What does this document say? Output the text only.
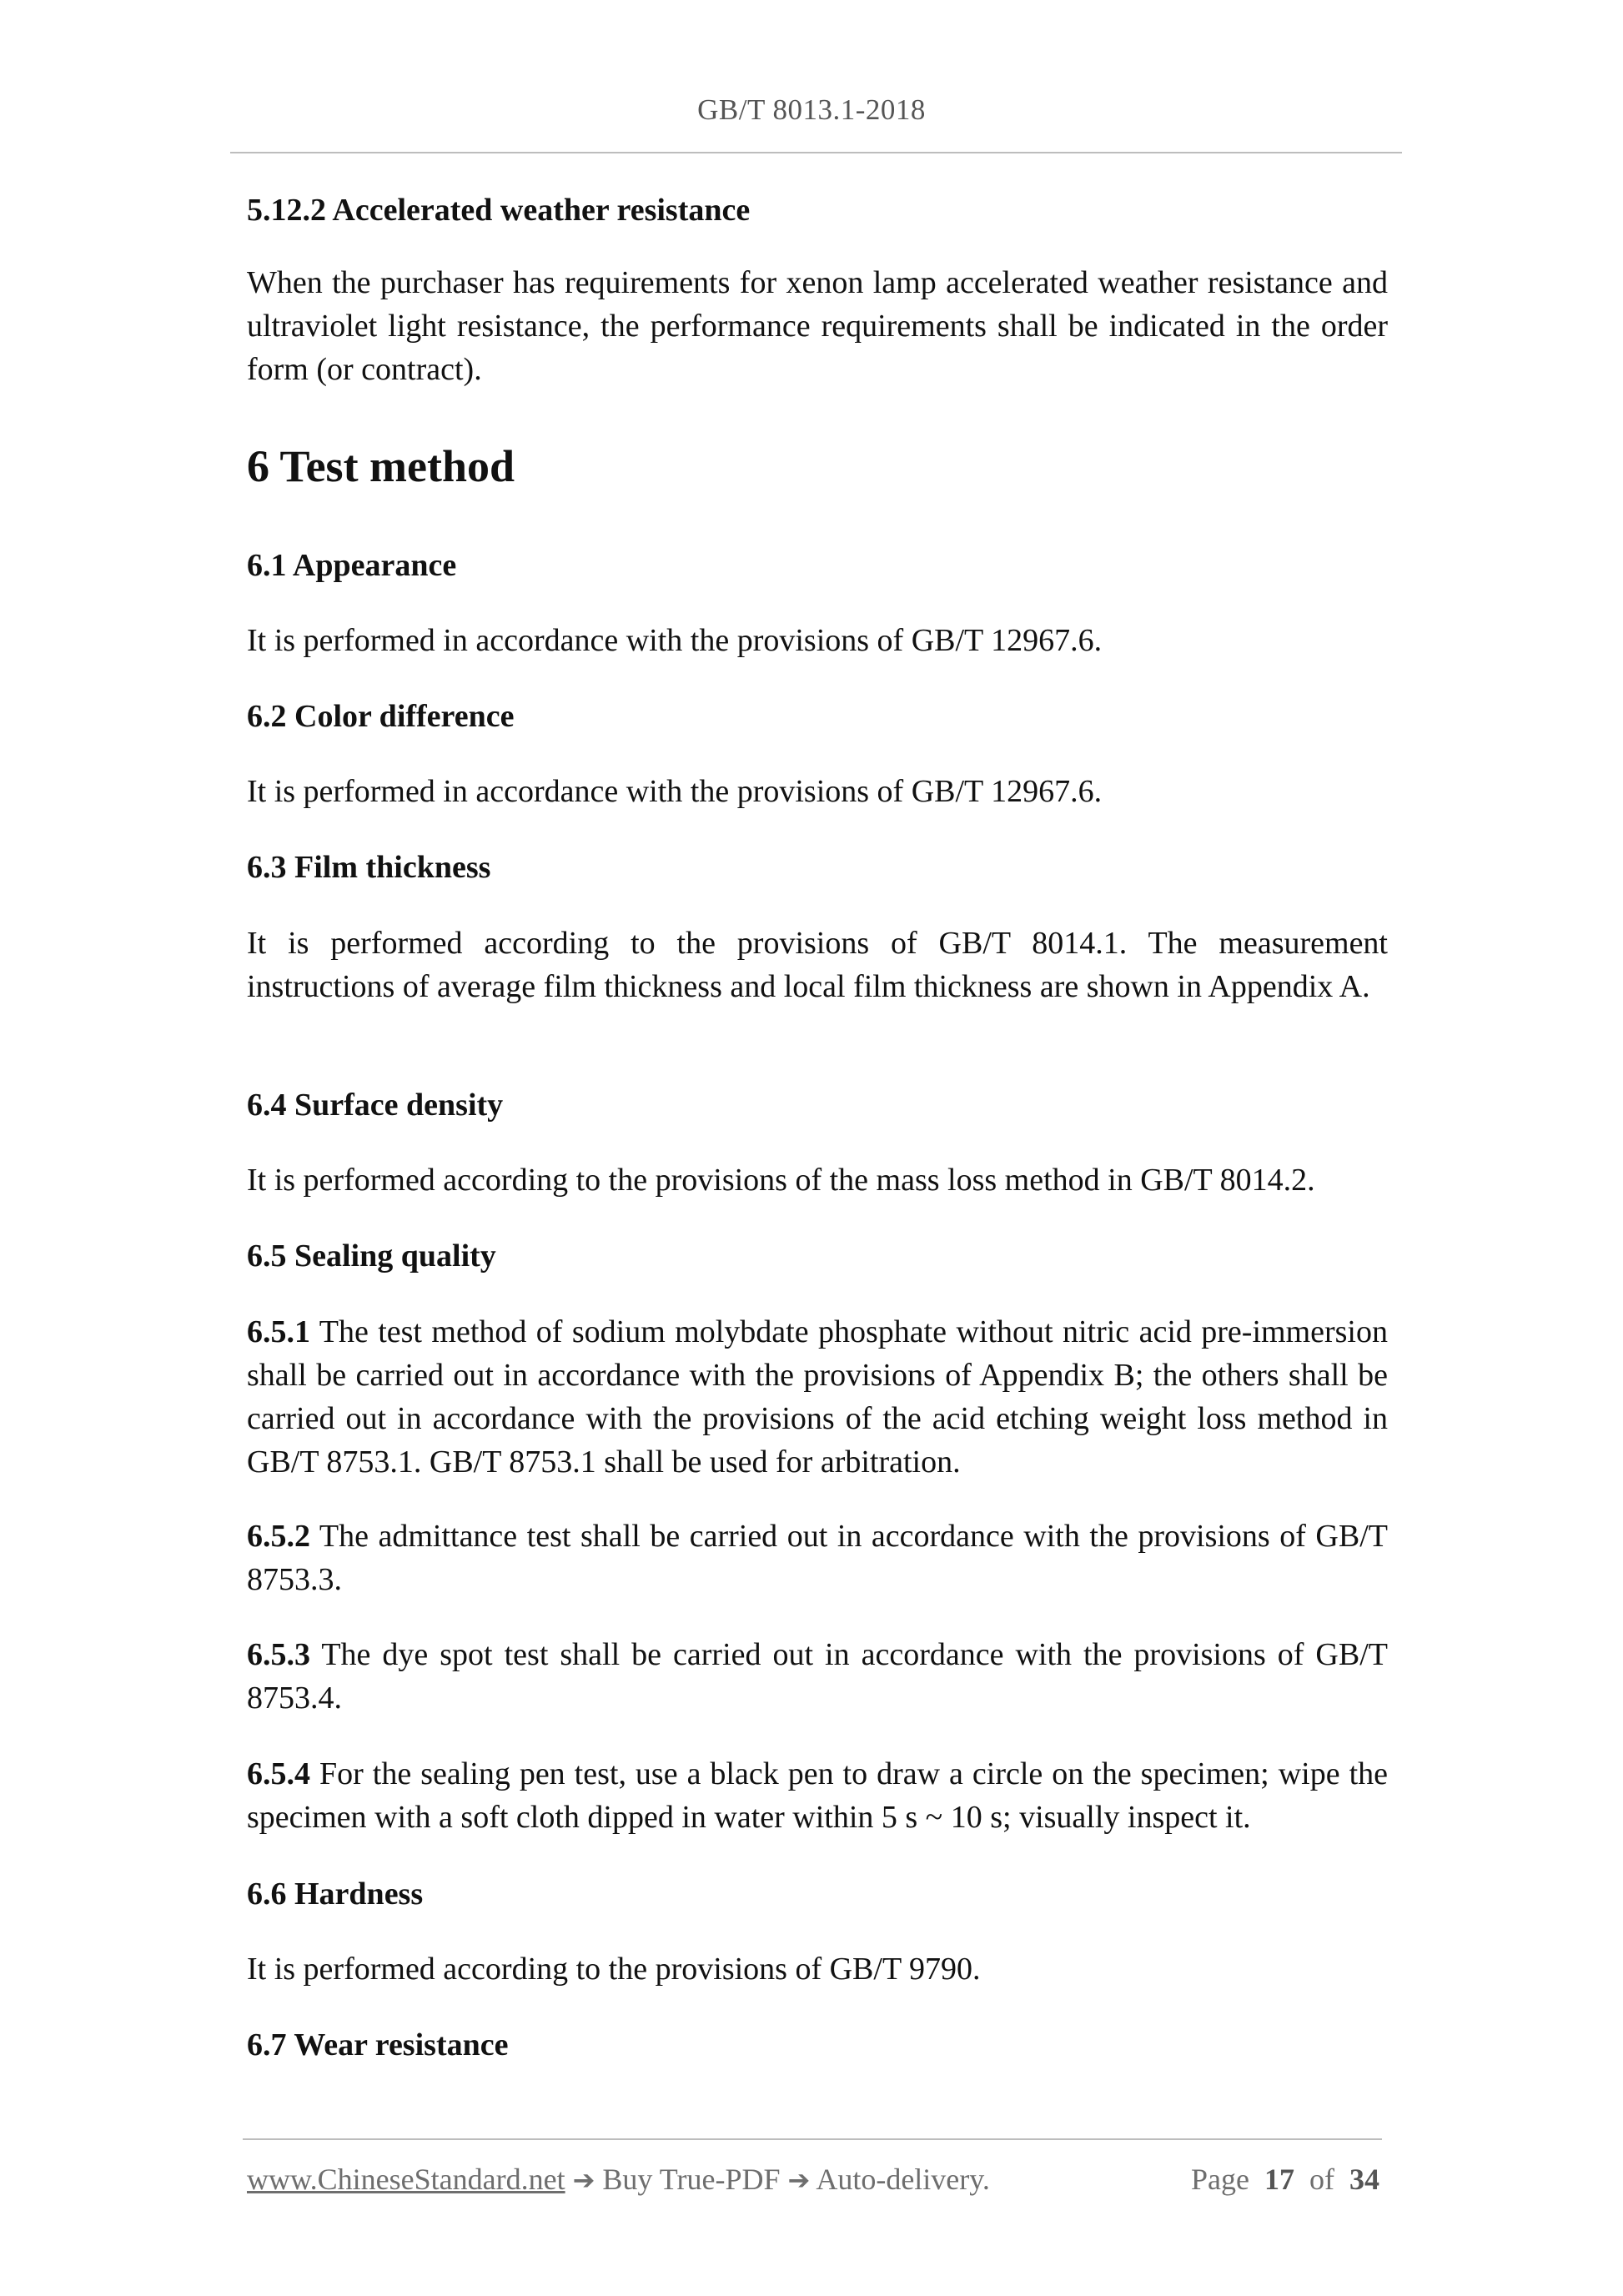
GB/T 8013.1-2018
5.12.2 Accelerated weather resistance

When the purchaser has requirements for xenon lamp accelerated weather resistance and ultraviolet light resistance, the performance requirements shall be indicated in the order form (or contract).

6 Test method
6.1 Appearance

It is performed in accordance with the provisions of GB/T 12967.6.

6.2 Color difference

It is performed in accordance with the provisions of GB/T 12967.6.

6.3 Film thickness

It is performed according to the provisions of GB/T 8014.1. The measurement instructions of average film thickness and local film thickness are shown in Appendix A.

6.4 Surface density

It is performed according to the provisions of the mass loss method in GB/T 8014.2.

6.5 Sealing quality

6.5.1 The test method of sodium molybdate phosphate without nitric acid pre-immersion shall be carried out in accordance with the provisions of Appendix B; the others shall be carried out in accordance with the provisions of the acid etching weight loss method in GB/T 8753.1. GB/T 8753.1 shall be used for arbitration.

6.5.2 The admittance test shall be carried out in accordance with the provisions of GB/T 8753.3.

6.5.3 The dye spot test shall be carried out in accordance with the provisions of GB/T 8753.4.

6.5.4 For the sealing pen test, use a black pen to draw a circle on the specimen; wipe the specimen with a soft cloth dipped in water within 5 s ~ 10 s; visually inspect it.

6.6 Hardness

It is performed according to the provisions of GB/T 9790.

6.7 Wear resistance
www.ChineseStandard.net ➔ Buy True-PDF ➔ Auto-delivery.	Page 17 of 34
